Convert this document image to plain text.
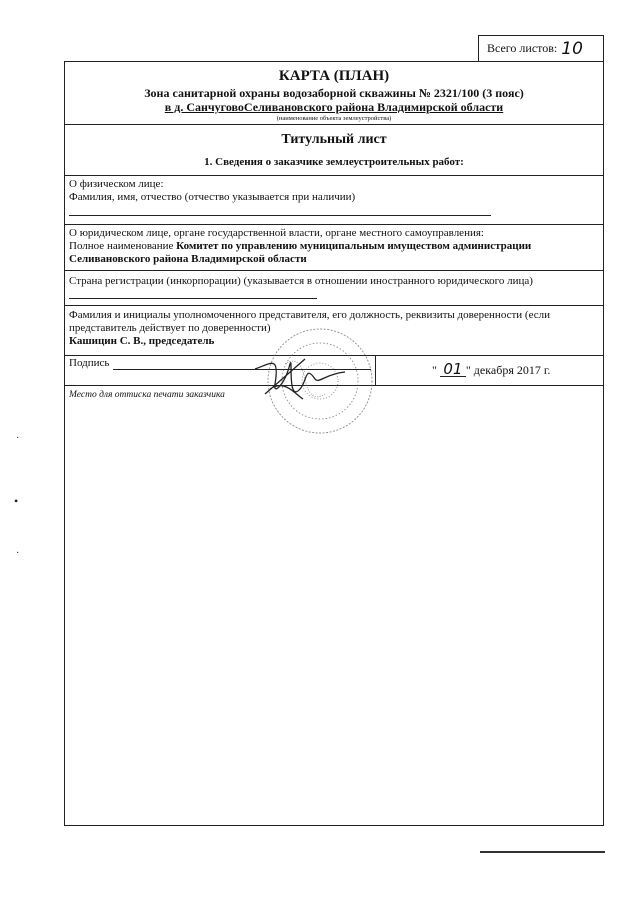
Всего листов: 10
КАРТА (ПЛАН)
Зона санитарной охраны водозаборной скважины № 2321/100 (3 пояс)
в д. СанчуговоСеливановского района Владимирской области
(наименование объекта землеустройства)
Титульный лист
1. Сведения о заказчике землеустроительных работ:
О физическом лице:
Фамилия, имя, отчество (отчество указывается при наличии)
О юридическом лице, органе государственной власти, органе местного самоуправления:
Полное наименование Комитет по управлению муниципальным имуществом администрации
Селивановского района Владимирской области
Страна регистрации (инкорпорации) (указывается в отношении иностранного юридического лица)
Фамилия и инициалы уполномоченного представителя, его должность, реквизиты доверенности (если
представитель действует по доверенности)
Кашицин С. В., председатель
Подпись	" 01 " декабря 2017 г.
Место для оттиска печати заказчика
·
•
·
